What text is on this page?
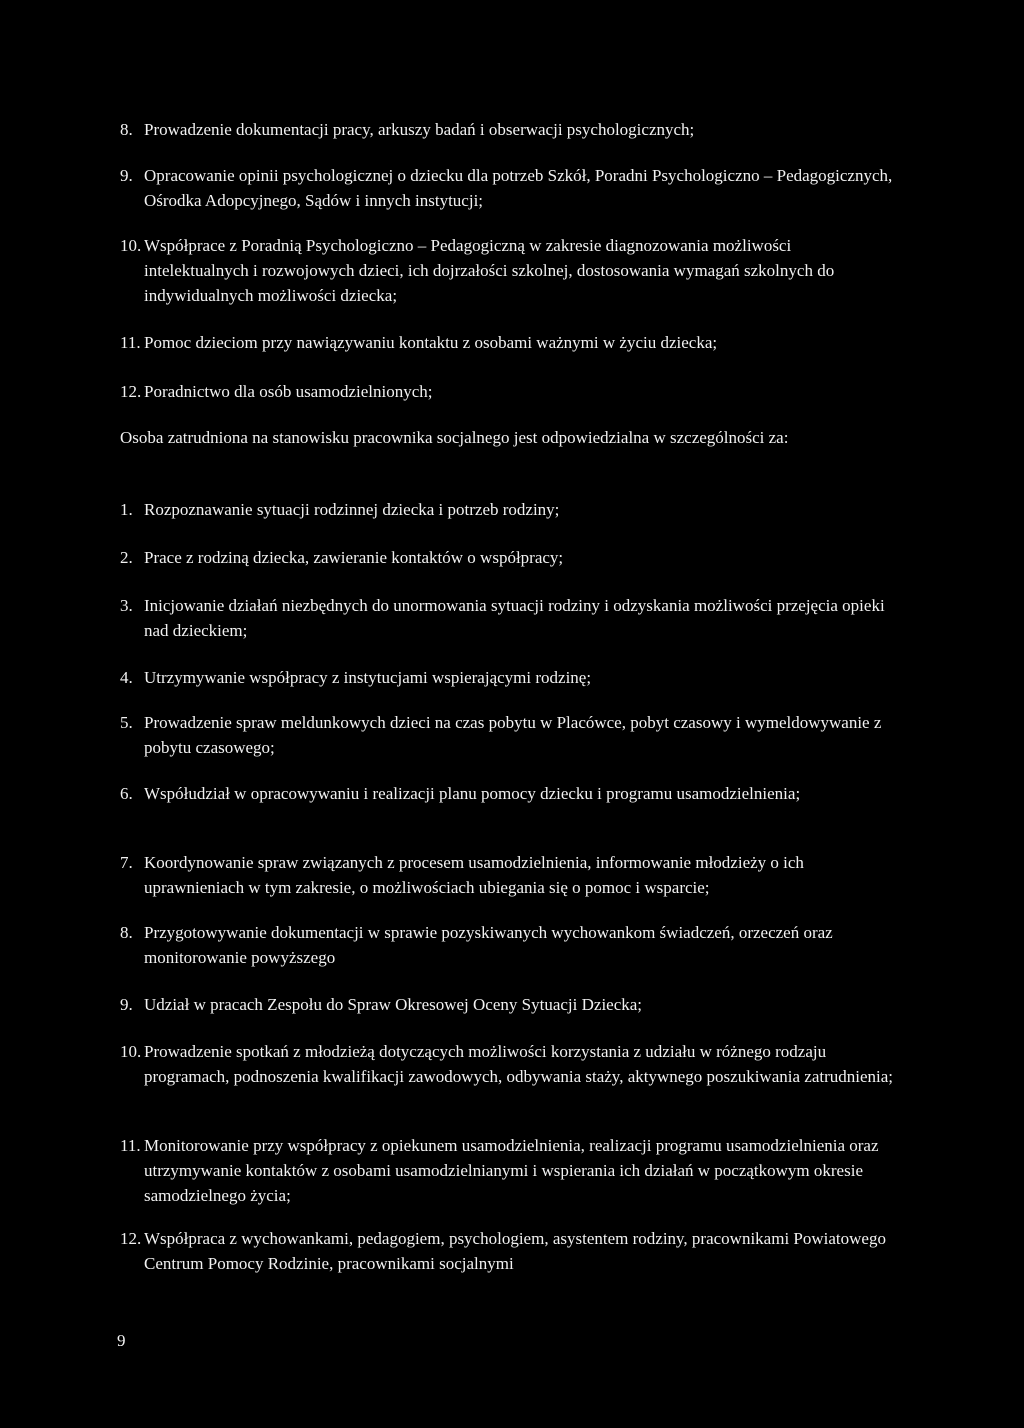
8. Prowadzenie dokumentacji pracy, arkuszy badań i obserwacji psychologicznych;
9. Opracowanie opinii psychologicznej o dziecku dla potrzeb Szkół, Poradni Psychologiczno – Pedagogicznych, Ośrodka Adopcyjnego, Sądów i innych instytucji;
10. Współprace z Poradnią Psychologiczno – Pedagogiczną w zakresie diagnozowania możliwości intelektualnych i rozwojowych dzieci, ich dojrzałości szkolnej, dostosowania wymagań szkolnych do indywidualnych możliwości dziecka;
11. Pomoc dzieciom przy nawiązywaniu kontaktu z osobami ważnymi w życiu dziecka;
12. Poradnictwo dla osób usamodzielnionych;
Osoba zatrudniona na stanowisku pracownika socjalnego jest odpowiedzialna w szczególności za:
1. Rozpoznawanie sytuacji rodzinnej dziecka i potrzeb rodziny;
2. Prace z rodziną dziecka, zawieranie kontaktów o współpracy;
3. Inicjowanie działań niezbędnych do unormowania sytuacji rodziny i odzyskania możliwości przejęcia opieki nad dzieckiem;
4. Utrzymywanie współpracy z instytucjami wspierającymi rodzinę;
5. Prowadzenie spraw meldunkowych dzieci na czas pobytu w Placówce, pobyt czasowy i wymeldowywanie z pobytu czasowego;
6. Współudział w opracowywaniu i realizacji planu pomocy dziecku i programu usamodzielnienia;
7. Koordynowanie spraw związanych z procesem usamodzielnienia, informowanie młodzieży o ich uprawnieniach w tym zakresie, o możliwościach ubiegania się o pomoc i wsparcie;
8. Przygotowywanie dokumentacji w sprawie pozyskiwanych wychowankom świadczeń, orzeczeń oraz monitorowanie powyższego
9. Udział w pracach Zespołu do Spraw Okresowej Oceny Sytuacji Dziecka;
10. Prowadzenie spotkań z młodzieżą dotyczących możliwości korzystania z udziału w różnego rodzaju programach, podnoszenia kwalifikacji zawodowych, odbywania staży, aktywnego poszukiwania zatrudnienia;
11. Monitorowanie przy współpracy z opiekunem usamodzielnienia, realizacji programu usamodzielnienia oraz utrzymywanie kontaktów z osobami usamodzielnianymi i wspierania ich działań w początkowym okresie samodzielnego życia;
12. Współpraca z wychowankami, pedagogiem, psychologiem, asystentem rodziny, pracownikami Powiatowego Centrum Pomocy Rodzinie, pracownikami socjalnymi
9
